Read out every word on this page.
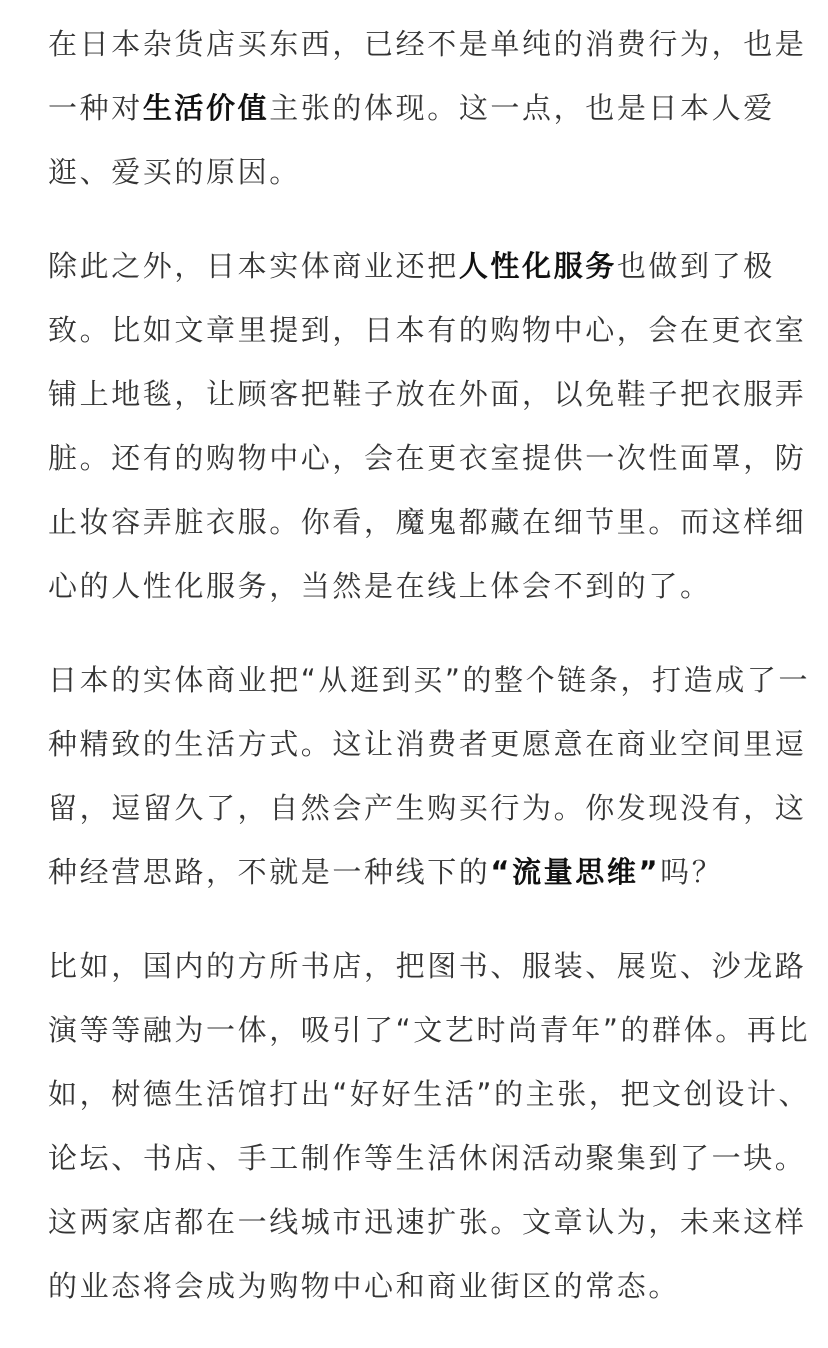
在日本杂货店买东西，已经不是单纯的消费行为，也是
一种对生活价值主张的体现。这一点，也是日本人爱
逛、爱买的原因。

除此之外，日本实体商业还把人性化服务也做到了极
致。比如文章里提到，日本有的购物中心，会在更衣室
铺上地毯，让顾客把鞋子放在外面，以免鞋子把衣服弄
脏。还有的购物中心，会在更衣室提供一次性面罩，防
止妆容弄脏衣服。你看，魔鬼都藏在细节里。而这样细
心的人性化服务，当然是在线上体会不到的了。

日本的实体商业把“从逛到买”的整个链条，打造成了一
种精致的生活方式。这让消费者更愿意在商业空间里逗
留，逗留久了，自然会产生购买行为。你发现没有，这
种经营思路，不就是一种线下的“流量思维”吗？

比如，国内的方所书店，把图书、服装、展览、沙龙路
演等等融为一体，吸引了“文艺时尚青年”的群体。再比
如，树德生活馆打出“好好生活”的主张，把文创设计、
论坛、书店、手工制作等生活休闲活动聚集到了一块。
这两家店都在一线城市迅速扩张。文章认为，未来这样
的业态将会成为购物中心和商业街区的常态。
